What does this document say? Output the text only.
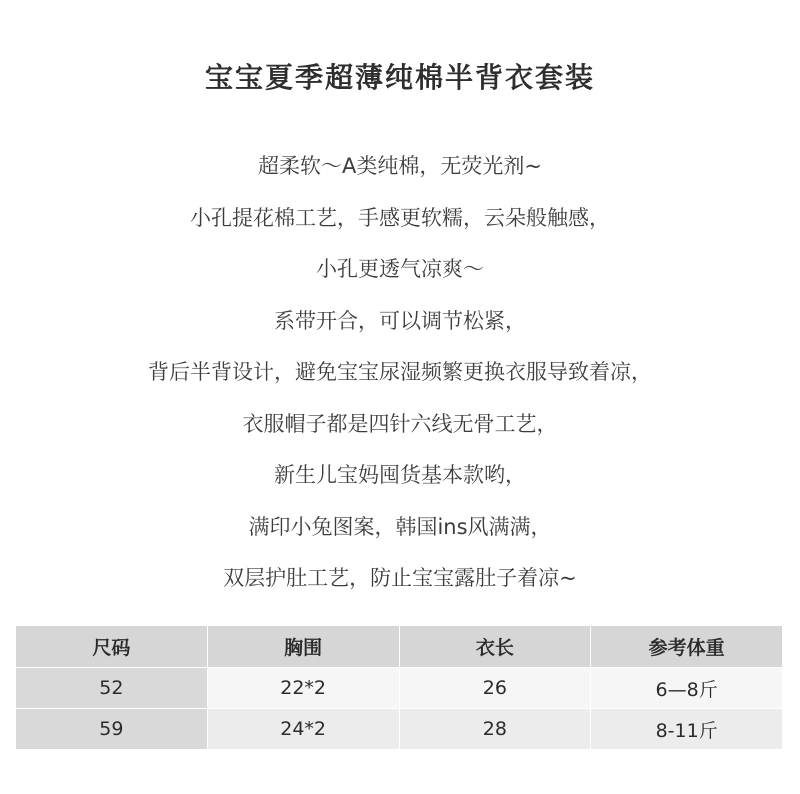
宝宝夏季超薄纯棉半背衣套装
超柔软～A类纯棉，无荧光剂~
小孔提花棉工艺，手感更软糯，云朵般触感，
小孔更透气凉爽～
系带开合，可以调节松紧，
背后半背设计，避免宝宝尿湿频繁更换衣服导致着凉，
衣服帽子都是四针六线无骨工艺，
新生儿宝妈囤货基本款哟，
满印小兔图案，韩国ins风满满，
双层护肚工艺，防止宝宝露肚子着凉~
尺码	胸围	衣长	参考体重
52	22*2	26	6—8斤
59	24*2	28	8-11斤
